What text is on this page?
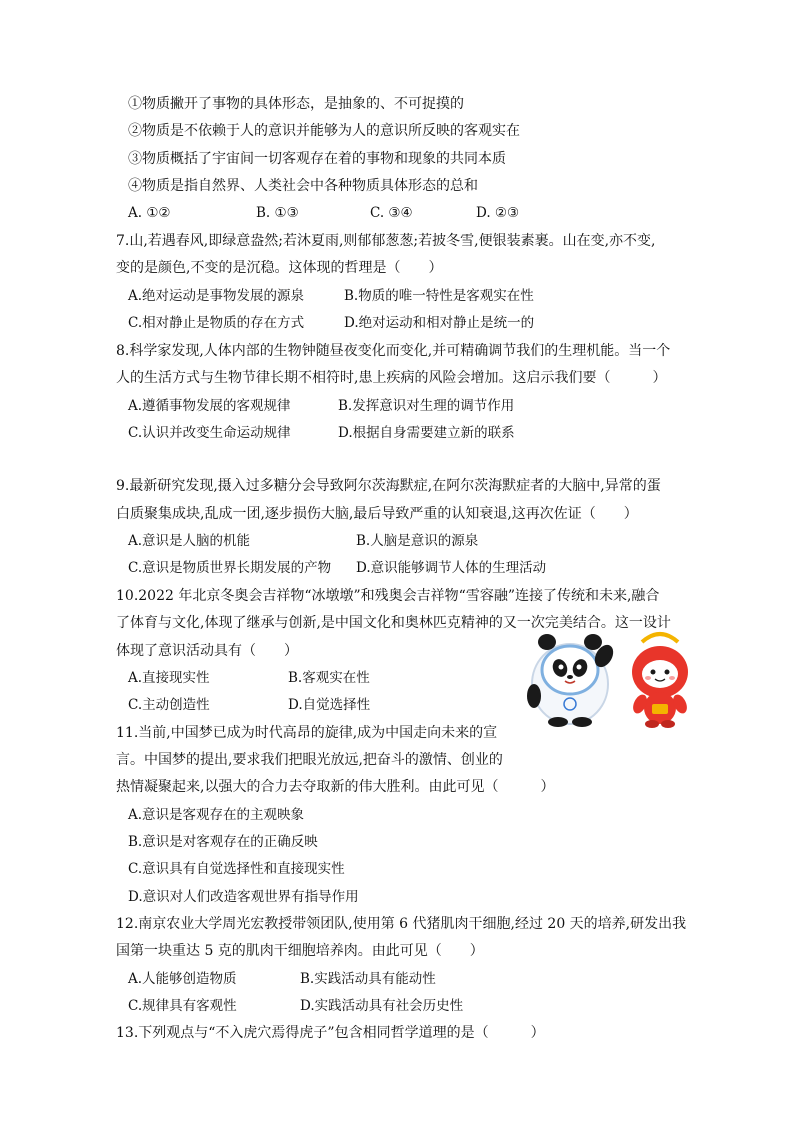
①物质撇开了事物的具体形态，是抽象的、不可捉摸的
②物质是不依赖于人的意识并能够为人的意识所反映的客观实在
③物质概括了宇宙间一切客观存在着的事物和现象的共同本质
④物质是指自然界、人类社会中各种物质具体形态的总和
A. ①②	B. ①③	C. ③④	D. ②③
7.山,若遇春风,即绿意盎然;若沐夏雨,则郁郁葱葱;若披冬雪,便银装素裹。山在变,亦不变,
变的是颜色,不变的是沉稳。这体现的哲理是（　　）
A.绝对运动是事物发展的源泉	B.物质的唯一特性是客观实在性
C.相对静止是物质的存在方式	D.绝对运动和相对静止是统一的
8.科学家发现,人体内部的生物钟随昼夜变化而变化,并可精确调节我们的生理机能。当一个
人的生活方式与生物节律长期不相符时,患上疾病的风险会增加。这启示我们要（　　　）
A.遵循事物发展的客观规律	B.发挥意识对生理的调节作用
C.认识并改变生命运动规律	D.根据自身需要建立新的联系
9.最新研究发现,摄入过多糖分会导致阿尔茨海默症,在阿尔茨海默症者的大脑中,异常的蛋
白质聚集成块,乱成一团,逐步损伤大脑,最后导致严重的认知衰退,这再次佐证（　　）
A.意识是人脑的机能	B.人脑是意识的源泉
C.意识是物质世界长期发展的产物 D.意识能够调节人体的生理活动
10.2022 年北京冬奥会吉祥物“冰墩墩”和残奥会吉祥物“雪容融”连接了传统和未来,融合
了体育与文化,体现了继承与创新,是中国文化和奥林匹克精神的又一次完美结合。这一设计
体现了意识活动具有（　　）
A.直接现实性	B.客观实在性
C.主动创造性	D.自觉选择性
11.当前,中国梦已成为时代高昂的旋律,成为中国走向未来的宣
言。中国梦的提出,要求我们把眼光放远,把奋斗的激情、创业的
热情凝聚起来,以强大的合力去夺取新的伟大胜利。由此可见（　　　）
A.意识是客观存在的主观映象
B.意识是对客观存在的正确反映
C.意识具有自觉选择性和直接现实性
D.意识对人们改造客观世界有指导作用
12.南京农业大学周光宏教授带领团队,使用第 6 代猪肌肉干细胞,经过 20 天的培养,研发出我
国第一块重达 5 克的肌肉干细胞培养肉。由此可见（　　）
A.人能够创造物质	B.实践活动具有能动性
C.规律具有客观性	D.实践活动具有社会历史性
13.下列观点与“不入虎穴焉得虎子”包含相同哲学道理的是（　　　）
